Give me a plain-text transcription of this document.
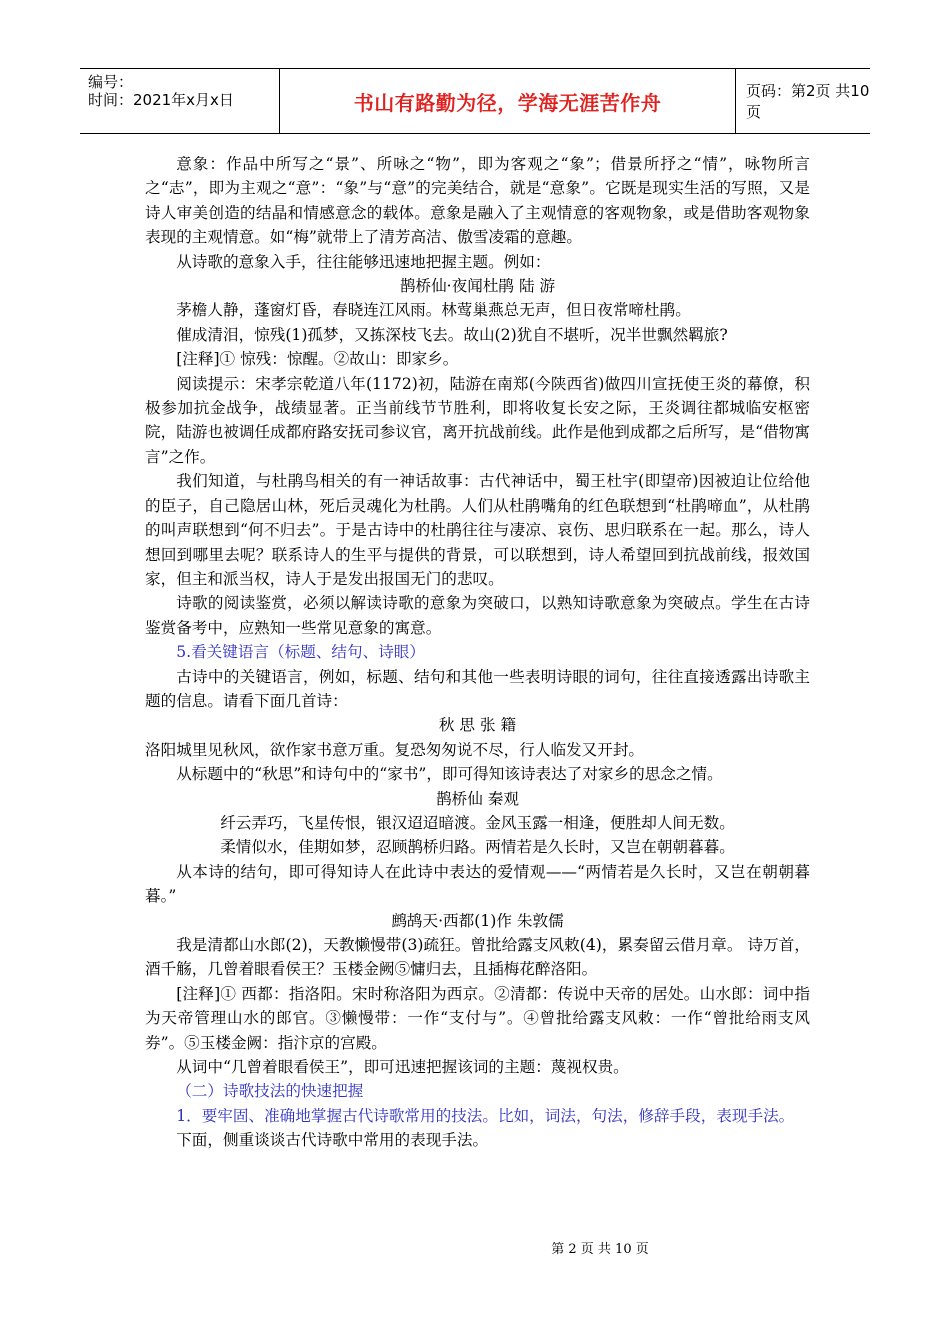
编号：
时间：2021年x月x日	书山有路勤为径，学海无涯苦作舟	页码：第2页 共10页

意象：作品中所写之“景”、所咏之“物”，即为客观之“象”；借景所抒之“情”，咏物所言之“志”，即为主观之“意”：“象”与“意”的完美结合，就是“意象”。它既是现实生活的写照，又是诗人审美创造的结晶和情感意念的载体。意象是融入了主观情意的客观物象，或是借助客观物象表现的主观情意。如“梅”就带上了清芳高洁、傲雪凌霜的意趣。

从诗歌的意象入手，往往能够迅速地把握主题。例如：

鹊桥仙·夜闻杜鹃 陆 游

茅檐人静，蓬窗灯昏，春晓连江风雨。林莺巢燕总无声，但日夜常啼杜鹃。

催成清泪，惊残(1)孤梦，又拣深枝飞去。故山(2)犹自不堪听，况半世飘然羁旅?

[注释]① 惊残：惊醒。②故山：即家乡。

阅读提示：宋孝宗乾道八年(1172)初，陆游在南郑(今陕西省)做四川宣抚使王炎的幕僚，积极参加抗金战争，战绩显著。正当前线节节胜利，即将收复长安之际，王炎调往都城临安枢密院，陆游也被调任成都府路安抚司参议官，离开抗战前线。此作是他到成都之后所写，是“借物寓言”之作。

我们知道，与杜鹃鸟相关的有一神话故事：古代神话中，蜀王杜宇(即望帝)因被迫让位给他的臣子，自己隐居山林，死后灵魂化为杜鹃。人们从杜鹃嘴角的红色联想到“杜鹃啼血”，从杜鹃的叫声联想到“何不归去”。于是古诗中的杜鹃往往与凄凉、哀伤、思归联系在一起。那么，诗人想回到哪里去呢？联系诗人的生平与提供的背景，可以联想到，诗人希望回到抗战前线，报效国家，但主和派当权，诗人于是发出报国无门的悲叹。

诗歌的阅读鉴赏，必须以解读诗歌的意象为突破口，以熟知诗歌意象为突破点。学生在古诗鉴赏备考中，应熟知一些常见意象的寓意。

5.看关键语言（标题、结句、诗眼）

古诗中的关键语言，例如，标题、结句和其他一些表明诗眼的词句，往往直接透露出诗歌主题的信息。请看下面几首诗：

秋 思 张 籍

洛阳城里见秋风，欲作家书意万重。复恐匆匆说不尽，行人临发又开封。

从标题中的“秋思”和诗句中的“家书”，即可得知该诗表达了对家乡的思念之情。

鹊桥仙 秦观

纤云弄巧，飞星传恨，银汉迢迢暗渡。金风玉露一相逢，便胜却人间无数。

柔情似水，佳期如梦，忍顾鹊桥归路。两情若是久长时，又岂在朝朝暮暮。

从本诗的结句，即可得知诗人在此诗中表达的爱情观——“两情若是久长时，又岂在朝朝暮暮。”

鹧鸪天·西都(1)作 朱敦儒

我是清都山水郎(2)，天教懒慢带(3)疏狂。曾批给露支风敕(4)，累奏留云借月章。 诗万首，酒千觞，几曾着眼看侯王？玉楼金阙⑤慵归去，且插梅花醉洛阳。

[注释]① 西都：指洛阳。宋时称洛阳为西京。②清都：传说中天帝的居处。山水郎：词中指为天帝管理山水的郎官。③懒慢带：一作“支付与”。④曾批给露支风敕：一作“曾批给雨支风券”。⑤玉楼金阙：指汴京的宫殿。

从词中“几曾着眼看侯王”，即可迅速把握该词的主题：蔑视权贵。

（二）诗歌技法的快速把握

1．要牢固、准确地掌握古代诗歌常用的技法。比如，词法，句法，修辞手段，表现手法。

下面，侧重谈谈古代诗歌中常用的表现手法。

第 2 页 共 10 页
